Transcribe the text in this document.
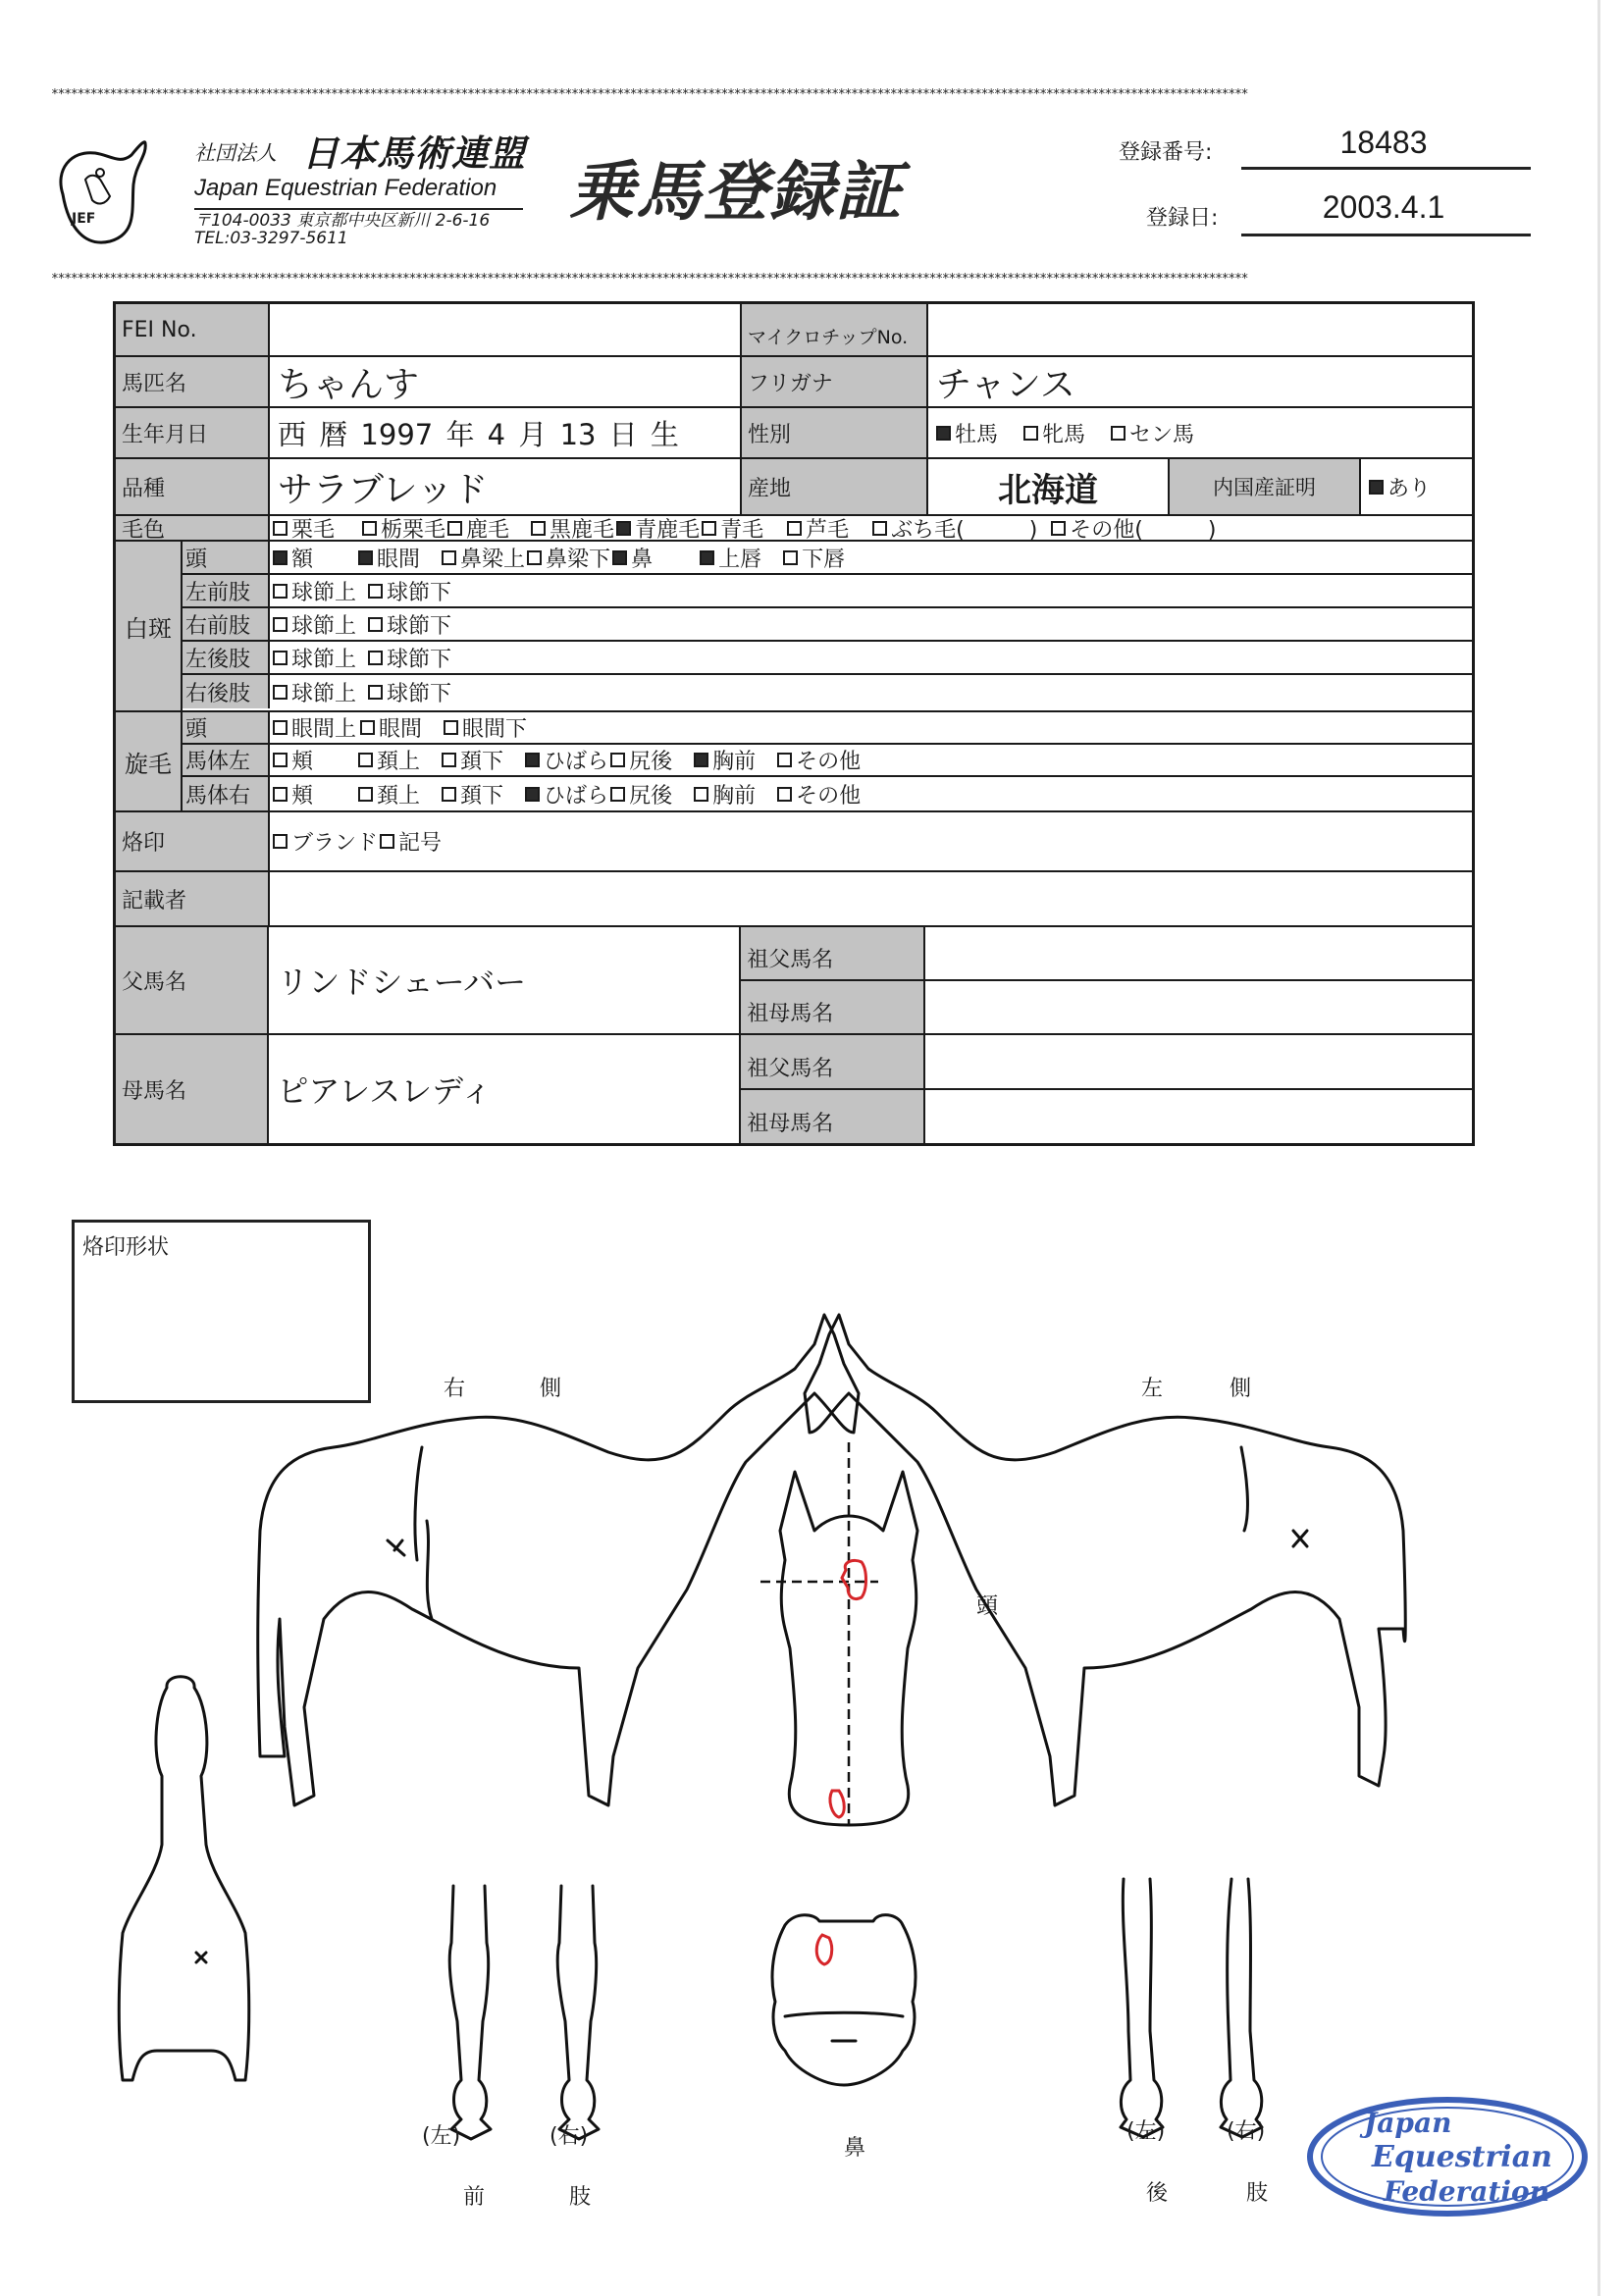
****************************************************************************************************************************************************************************************
****************************************************************************************************************************************************************************************
JEF
社団法人 日本馬術連盟
Japan Equestrian Federation
〒104-0033 東京都中央区新川 2-6-16
TEL:03-3297-5611
乗馬登録証
登録番号:	18483
登録日:	2003.4.1
FEI No.	マイクロチップNo.
馬匹名	ちゃんす	フリガナ	チャンス
生年月日	西 暦 1997 年 4 月 13 日 生	性別	牡馬 牝馬 セン馬
品種	サラブレッド	産地	北海道	内国産証明	あり
毛色	栗毛 栃栗毛 鹿毛 黒鹿毛 青鹿毛 青毛 芦毛 ぶち毛(　　　) その他(　　　)
白斑
頭	額	眼間 鼻梁上 鼻梁下 鼻	上唇 下唇
左前肢	球節上 球節下
右前肢	球節上 球節下
左後肢	球節上 球節下
右後肢	球節上 球節下
旋毛
頭	眼間上 眼間 眼間下
馬体左	頬	頚上 頚下 ひばら 尻後 胸前 その他
馬体右	頬	頚上 頚下 ひばら 尻後 胸前 その他
烙印	ブランド 記号
記載者
父馬名	リンドシェーバー
祖父馬名
祖母馬名
母馬名	ピアレスレディ
祖父馬名
祖母馬名
烙印形状
右	側	左	側
頭
(左)	(右)
前	肢
鼻
(左)	(右)
後	肢
Japan
Equestrian
Federation
